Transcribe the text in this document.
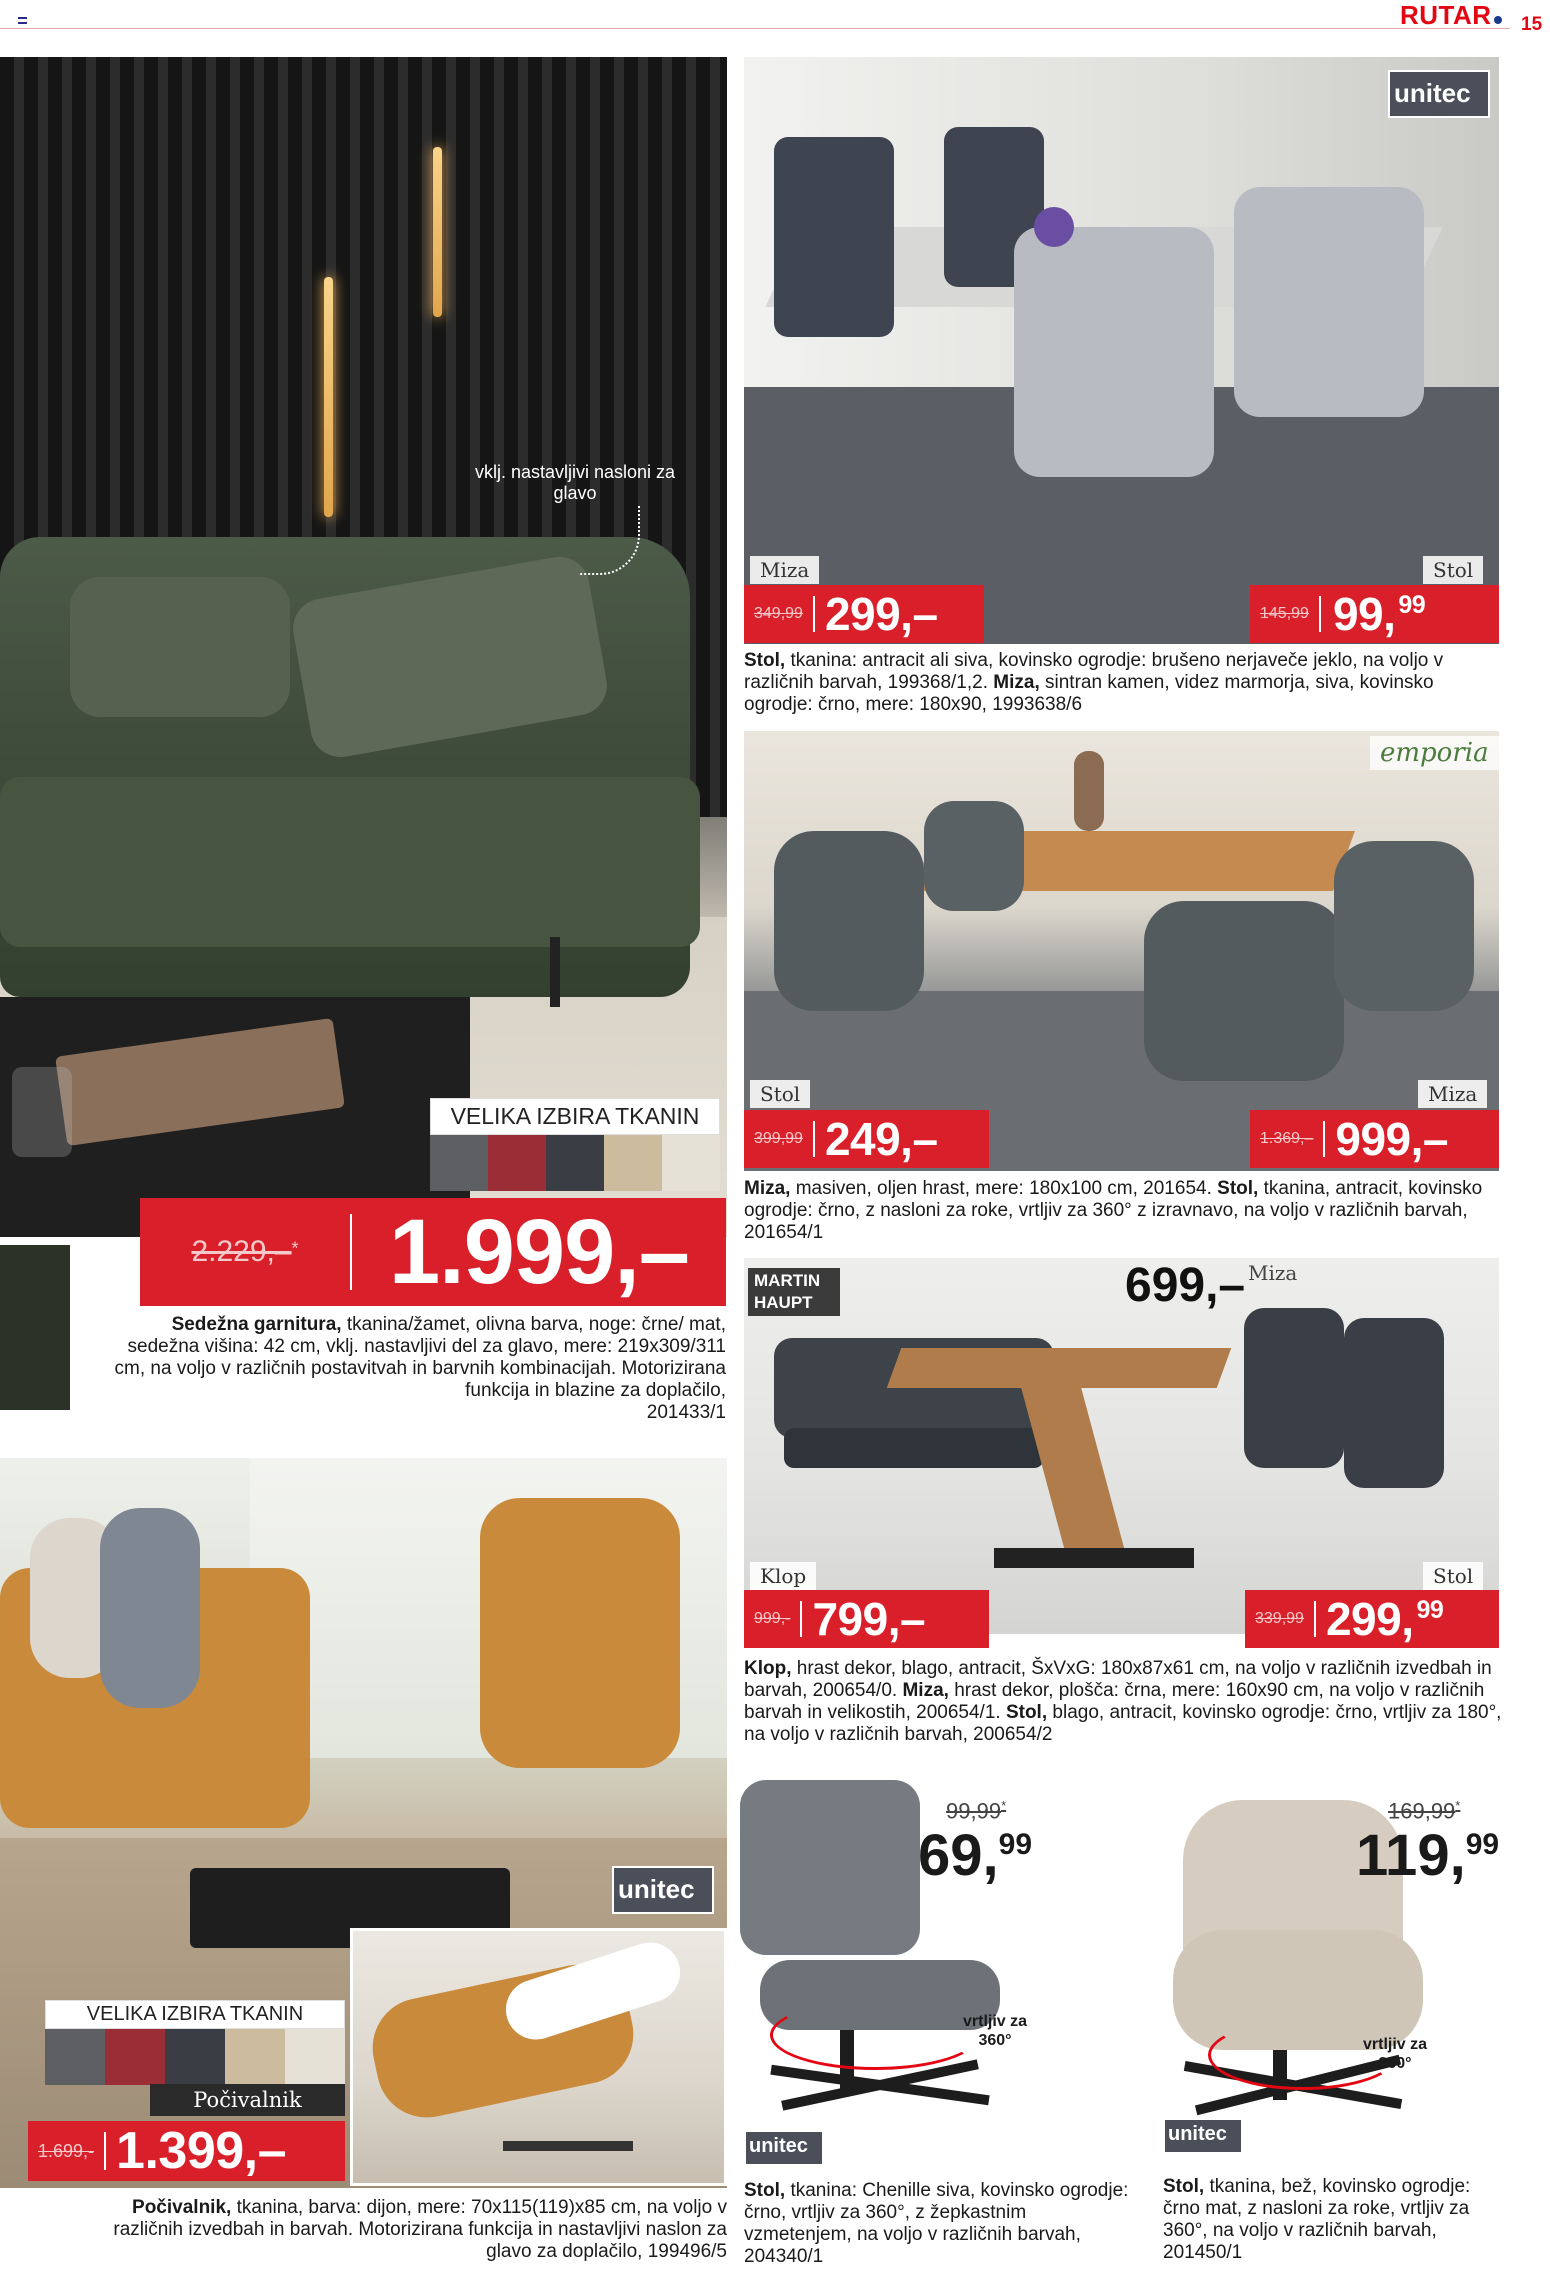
RUTAR	15
vklj. nastavljivi nasloni za glavo
VELIKA IZBIRA TKANIN
2.229,–* 1.999,–
Sedežna garnitura, tkanina/žamet, olivna barva, noge: črne/ mat, sedežna višina: 42 cm, vklj. nastavljivi del za glavo, mere: 219x309/311 cm, na voljo v različnih postavitvah in barvnih kombinacijah. Motorizirana funkcija in blazine za doplačilo,
201433/1
unitec
Miza	Stol
349,99 299,–	145,99 99, $^{99}$
Stol, tkanina: antracit ali siva, kovinsko ogrodje: brušeno nerjaveče jeklo, na voljo v različnih barvah, 199368/1,2. Miza, sintran kamen, videz marmorja, siva, kovinsko ogrodje: črno, mere: 180x90, 1993638/6
emporia
Stol	Miza
399,99 249,–	1.369,– 999,–
Miza, masiven, oljen hrast, mere: 180x100 cm, 201654. Stol, tkanina, antracit, kovinsko ogrodje: črno, z nasloni za roke, vrtljiv za 360° z izravnavo, na voljo v različnih barvah, 201654/1
MARTIN
HAUPT	699,– Miza
Klop	Stol
999,- 799,–	339,99 299, $^{99}$
Klop, hrast dekor, blago, antracit, ŠxVxG: 180x87x61 cm, na voljo v različnih izvedbah in barvah, 200654/0. Miza, hrast dekor, plošča: črna, mere: 160x90 cm, na voljo v različnih barvah in velikostih, 200654/1. Stol, blago, antracit, kovinsko ogrodje: črno, vrtljiv za 180°, na voljo v različnih barvah, 200654/2
unitec
VELIKA IZBIRA TKANIN
Počivalnik
1.699,- 1.399,–
Počivalnik, tkanina, barva: dijon, mere: 70x115(119)x85 cm, na voljo v različnih izvedbah in barvah. Motorizirana funkcija in nastavljivi naslon za glavo za doplačilo, 199496/5
99,99*
69,99
vrtljiv za 360°
unitec
Stol, tkanina: Chenille siva, kovinsko ogrodje: črno, vrtljiv za 360°, z žepkastnim vzmetenjem, na voljo v različnih barvah, 204340/1
169,99*
119,99
vrtljiv za 360°
unitec
Stol, tkanina, bež, kovinsko ogrodje: črno mat, z nasloni za roke, vrtljiv za 360°, na voljo v različnih barvah, 201450/1
